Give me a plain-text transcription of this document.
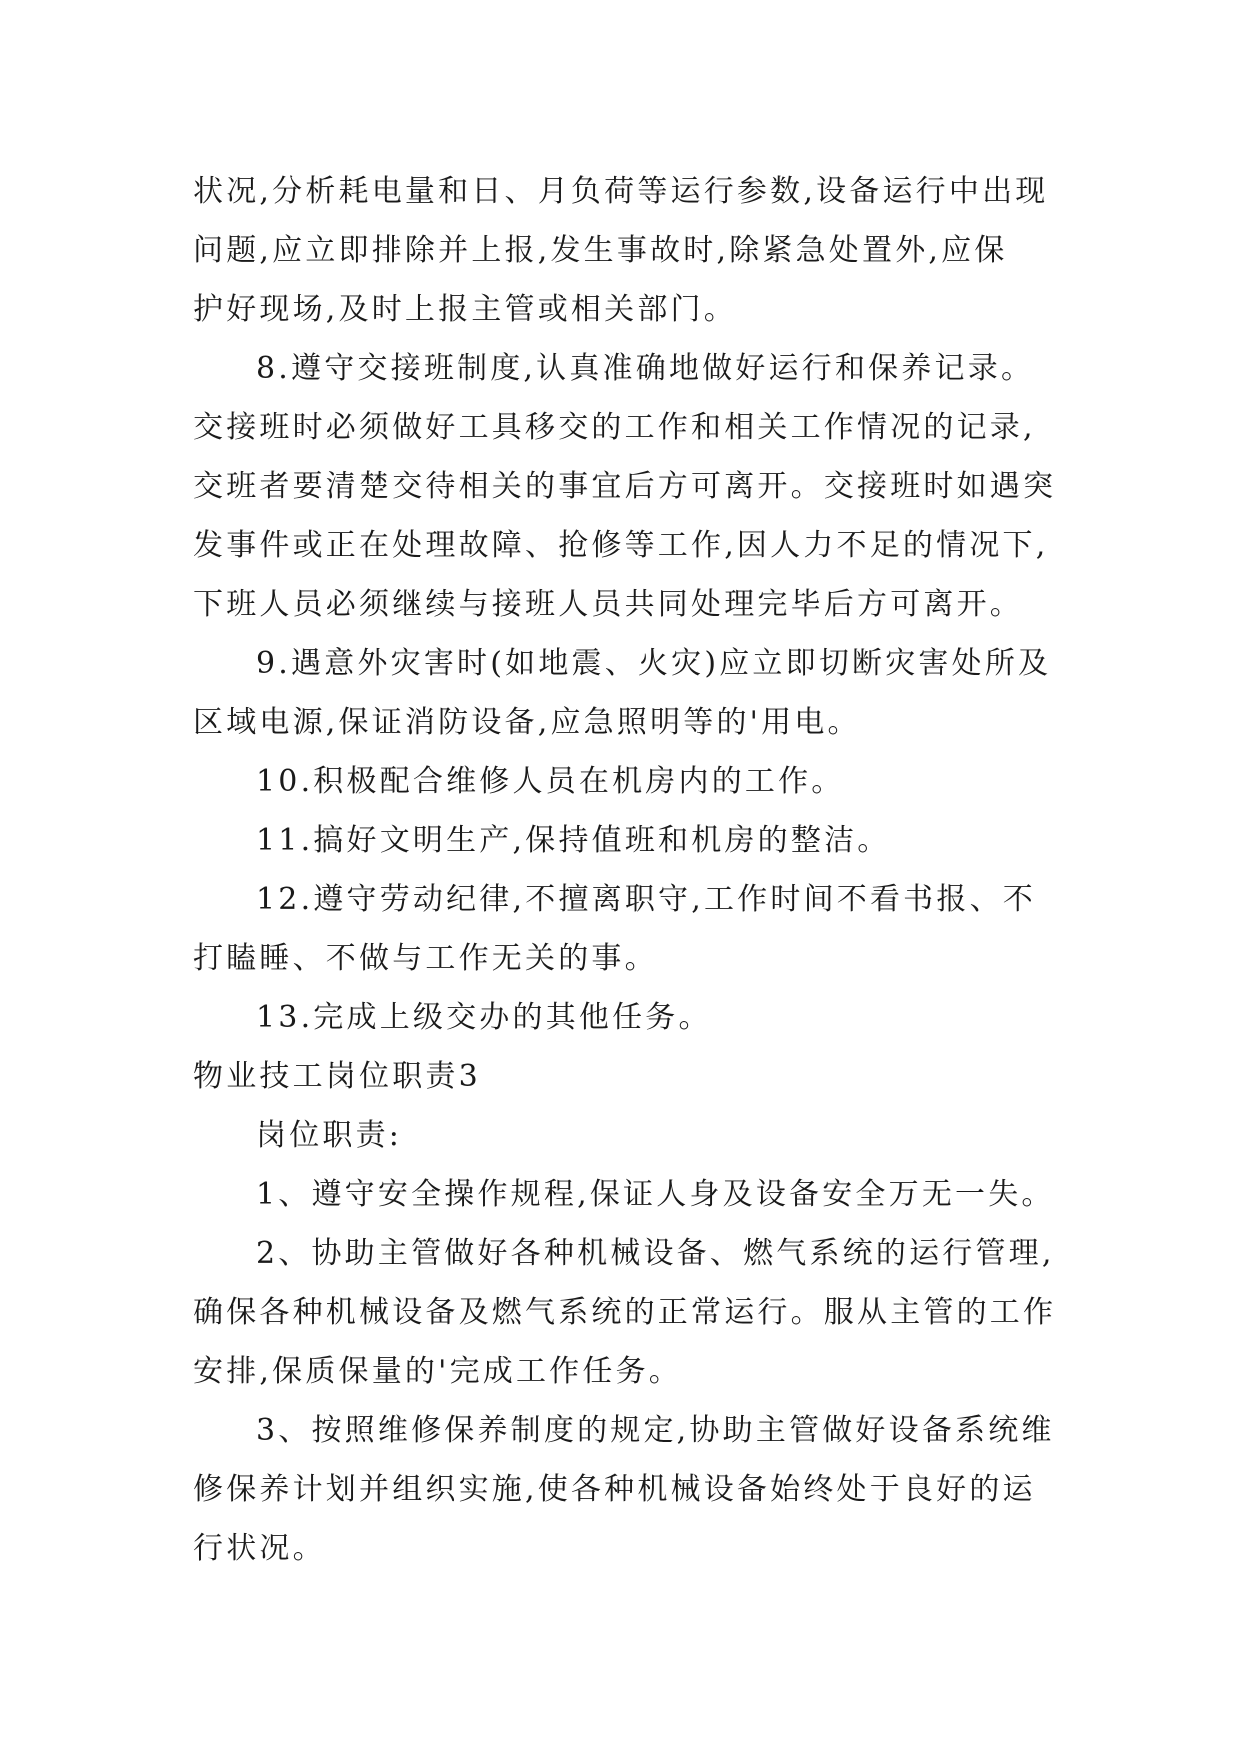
状况,分析耗电量和日、月负荷等运行参数,设备运行中出现
问题,应立即排除并上报,发生事故时,除紧急处置外,应保
护好现场,及时上报主管或相关部门。
8.遵守交接班制度,认真准确地做好运行和保养记录。
交接班时必须做好工具移交的工作和相关工作情况的记录,
交班者要清楚交待相关的事宜后方可离开。交接班时如遇突
发事件或正在处理故障、抢修等工作,因人力不足的情况下,
下班人员必须继续与接班人员共同处理完毕后方可离开。
9.遇意外灾害时(如地震、火灾)应立即切断灾害处所及
区域电源,保证消防设备,应急照明等的'用电。
10.积极配合维修人员在机房内的工作。
11.搞好文明生产,保持值班和机房的整洁。
12.遵守劳动纪律,不擅离职守,工作时间不看书报、不
打瞌睡、不做与工作无关的事。
13.完成上级交办的其他任务。
物业技工岗位职责3
岗位职责:
1、遵守安全操作规程,保证人身及设备安全万无一失。
2、协助主管做好各种机械设备、燃气系统的运行管理,
确保各种机械设备及燃气系统的正常运行。服从主管的工作
安排,保质保量的'完成工作任务。
3、按照维修保养制度的规定,协助主管做好设备系统维
修保养计划并组织实施,使各种机械设备始终处于良好的运
行状况。
